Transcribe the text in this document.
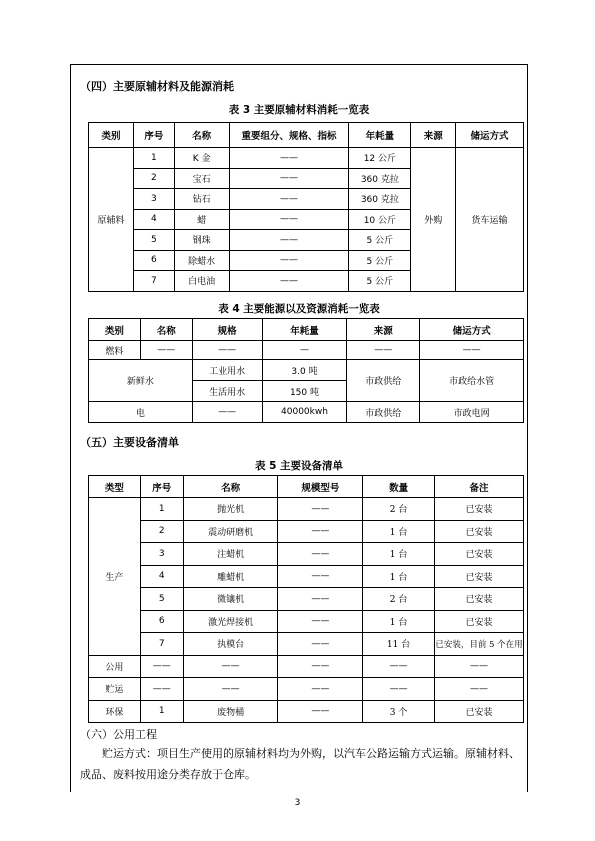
（四）主要原辅材料及能源消耗
表 3 主要原辅材料消耗一览表
类别	序号	名称	重要组分、规格、指标	年耗量	来源	储运方式
原辅料	1	K 金	——	12 公斤	外购	货车运输
	2	宝石	——	360 克拉		
	3	钻石	——	360 克拉		
	4	蜡	——	10 公斤		
	5	钢珠	——	5 公斤		
	6	除蜡水	——	5 公斤		
	7	白电油	——	5 公斤		
表 4 主要能源以及资源消耗一览表
类别	名称	规格	年耗量	来源	储运方式
燃料	——	——	—	——	——
新鲜水		工业用水	3.0 吨	市政供给	市政给水管
		生活用水	150 吨		
电		——	40000kwh	市政供给	市政电网
（五）主要设备清单
表 5 主要设备清单
类型	序号	名称	规模型号	数量	备注
生产	1	抛光机	——	2 台	已安装
	2	震动研磨机	——	1 台	已安装
	3	注蜡机	——	1 台	已安装
	4	雕蜡机	——	1 台	已安装
	5	微镶机	——	2 台	已安装
	6	激光焊接机	——	1 台	已安装
	7	执模台	——	11 台	已安装，目前 5 个在用
公用	——	——	——	——	——
贮运	——	——	——	——	——
环保	1	废物桶	——	3 个	已安装
（六）公用工程
贮运方式：项目生产使用的原辅材料均为外购，以汽车公路运输方式运输。原辅材料、成品、废料按用途分类存放于仓库。
3
